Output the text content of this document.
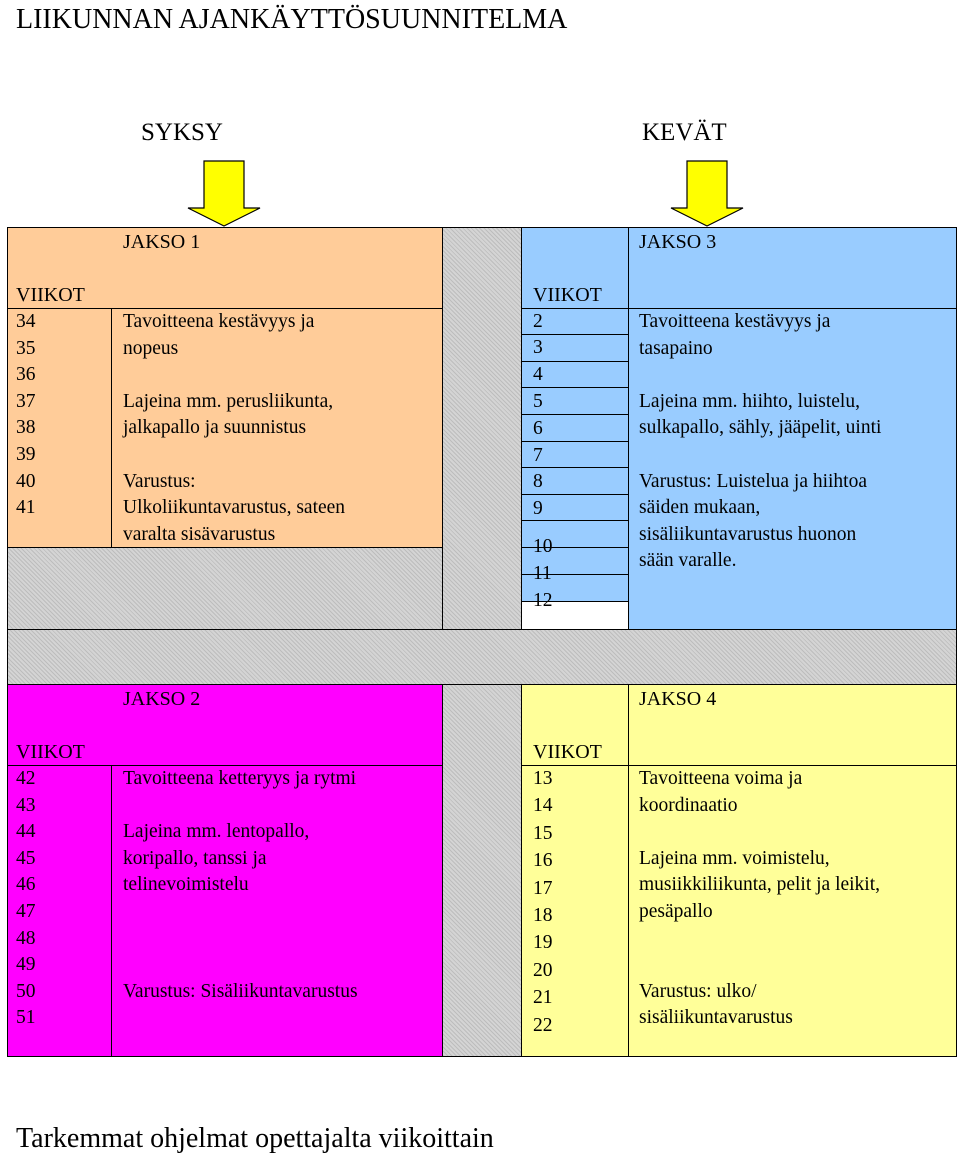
LIIKUNNAN AJANKÄYTTÖSUUNNITELMA
SYKSY	KEVÄT
JAKSO 1
VIIKOT
34
35
36
37
38
39
40
41
Tavoitteena kestävyys ja
nopeus
Lajeina mm. perusliikunta,
jalkapallo ja suunnistus
Varustus:
Ulkoliikuntavarustus, sateen
varalta sisävarustus
2
3
4
5
6
7
8
9
10
11
12
JAKSO 3
VIIKOT
Tavoitteena kestävyys ja
tasapaino
Lajeina mm. hiihto, luistelu,
sulkapallo, sähly, jääpelit, uinti
Varustus: Luistelua ja hiihtoa
säiden mukaan,
sisäliikuntavarustus huonon
sään varalle.
JAKSO 2
VIIKOT
42
43
44
45
46
47
48
49
50
51
Tavoitteena ketteryys ja rytmi
Lajeina mm. lentopallo,
koripallo, tanssi ja
telinevoimistelu
Varustus: Sisäliikuntavarustus
JAKSO 4
VIIKOT
13
14
15
16
17
18
19
20
21
22
Tavoitteena voima ja
koordinaatio
Lajeina mm. voimistelu,
musiikkiliikunta, pelit ja leikit,
pesäpallo
Varustus: ulko/
sisäliikuntavarustus
Tarkemmat ohjelmat opettajalta viikoittain
